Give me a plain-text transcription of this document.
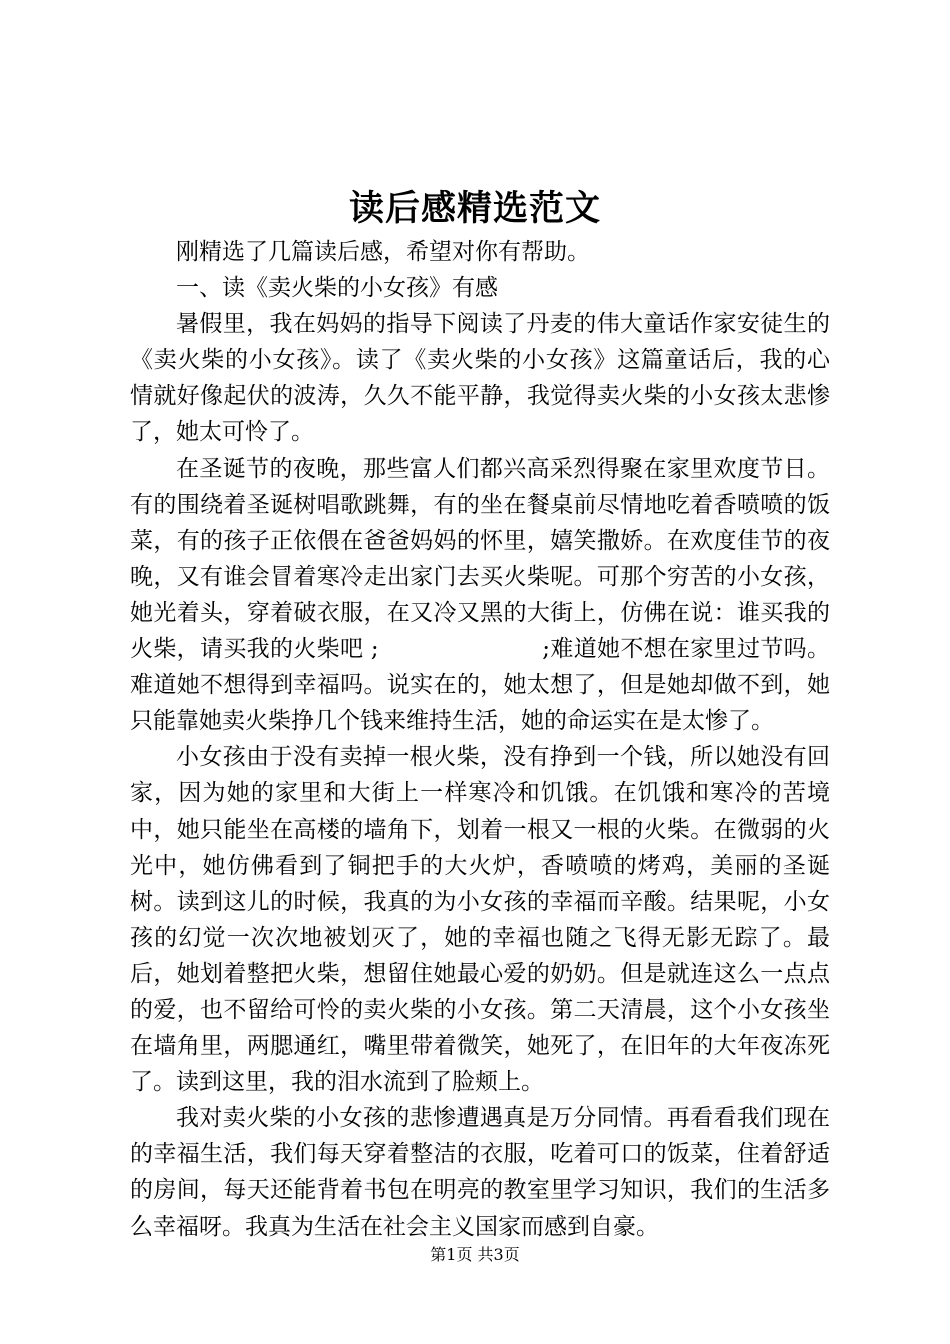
读后感精选范文

刚精选了几篇读后感，希望对你有帮助。

一、读《卖火柴的小女孩》有感

暑假里，我在妈妈的指导下阅读了丹麦的伟大童话作家安徒生的《卖火柴的小女孩》。读了《卖火柴的小女孩》这篇童话后，我的心情就好像起伏的波涛，久久不能平静，我觉得卖火柴的小女孩太悲惨了，她太可怜了。

在圣诞节的夜晚，那些富人们都兴高采烈得聚在家里欢度节日。有的围绕着圣诞树唱歌跳舞，有的坐在餐桌前尽情地吃着香喷喷的饭菜，有的孩子正依偎在爸爸妈妈的怀里，嬉笑撒娇。在欢度佳节的夜晚，又有谁会冒着寒冷走出家门去买火柴呢。可那个穷苦的小女孩，她光着头，穿着破衣服，在又冷又黑的大街上，仿佛在说：谁买我的火柴，请买我的火柴吧 ;　　　　　　　;难道她不想在家里过节吗。难道她不想得到幸福吗。说实在的，她太想了，但是她却做不到，她只能靠她卖火柴挣几个钱来维持生活，她的命运实在是太惨了。

小女孩由于没有卖掉一根火柴，没有挣到一个钱，所以她没有回家，因为她的家里和大街上一样寒冷和饥饿。在饥饿和寒冷的苦境中，她只能坐在高楼的墙角下，划着一根又一根的火柴。在微弱的火光中，她仿佛看到了铜把手的大火炉，香喷喷的烤鸡，美丽的圣诞树。读到这儿的时候，我真的为小女孩的幸福而辛酸。结果呢，小女孩的幻觉一次次地被划灭了，她的幸福也随之飞得无影无踪了。最后，她划着整把火柴，想留住她最心爱的奶奶。但是就连这么一点点的爱，也不留给可怜的卖火柴的小女孩。第二天清晨，这个小女孩坐在墙角里，两腮通红，嘴里带着微笑，她死了，在旧年的大年夜冻死了。读到这里，我的泪水流到了脸颊上。

我对卖火柴的小女孩的悲惨遭遇真是万分同情。再看看我们现在的幸福生活，我们每天穿着整洁的衣服，吃着可口的饭菜，住着舒适的房间，每天还能背着书包在明亮的教室里学习知识，我们的生活多么幸福呀。我真为生活在社会主义国家而感到自豪。

第1页 共3页
